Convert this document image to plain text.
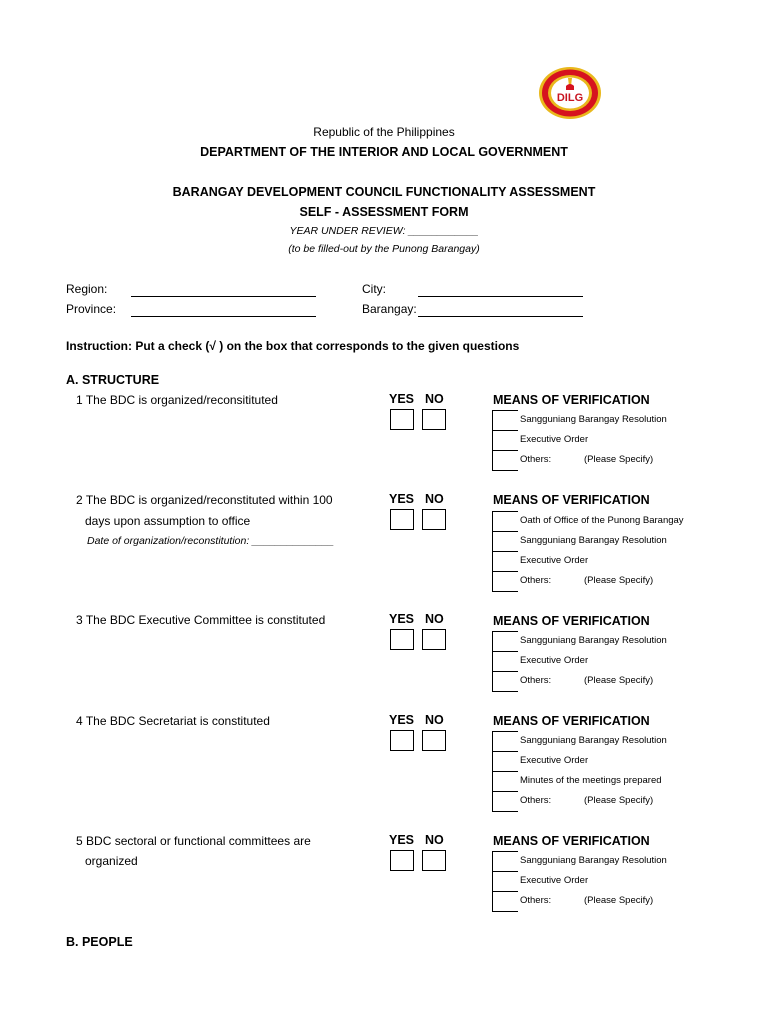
DILG
Republic of the Philippines
DEPARTMENT OF THE INTERIOR AND LOCAL GOVERNMENT
BARANGAY DEVELOPMENT COUNCIL FUNCTIONALITY ASSESSMENT
SELF - ASSESSMENT FORM
YEAR UNDER REVIEW: ____________
(to be filled-out by the Punong Barangay)
Region:
Province:
City:
Barangay:
Instruction: Put a check (√ ) on the box that corresponds to the given questions
A. STRUCTURE
1 The BDC is organized/reconsitituted	YES NO	MEANS OF VERIFICATION
Sangguniang Barangay Resolution
Executive Order
Others:	(Please Specify)
2 The BDC is organized/reconstituted within 100
days upon assumption to office
Date of organization/reconstitution: ______________
YES NO	MEANS OF VERIFICATION
Oath of Office of the Punong Barangay
Sangguniang Barangay Resolution
Executive Order
Others:	(Please Specify)
3 The BDC Executive Committee is constituted	YES NO	MEANS OF VERIFICATION
Sangguniang Barangay Resolution
Executive Order
Others:	(Please Specify)
4 The BDC Secretariat is constituted	YES NO	MEANS OF VERIFICATION
Sangguniang Barangay Resolution
Executive Order
Minutes of the meetings prepared
Others:	(Please Specify)
5 BDC sectoral or functional committees are
organized
YES NO	MEANS OF VERIFICATION
Sangguniang Barangay Resolution
Executive Order
Others:	(Please Specify)
B. PEOPLE
